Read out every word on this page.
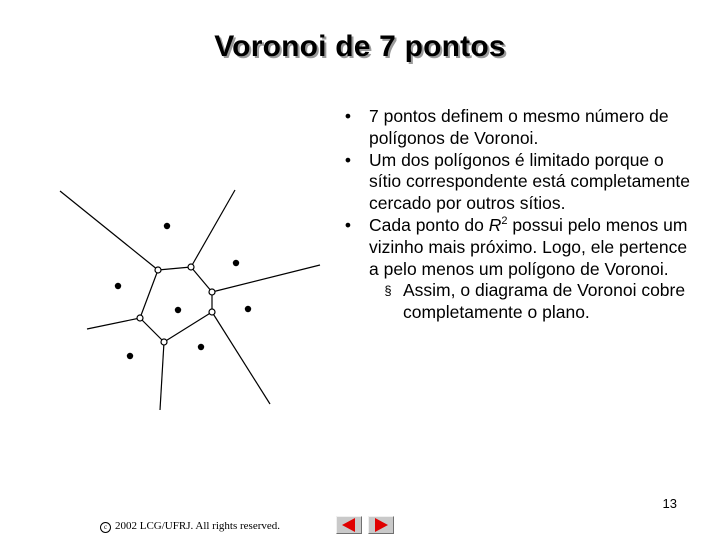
Voronoi de 7 pontos
•	7 pontos definem o mesmo número de polígonos de Voronoi.
•	Um dos polígonos é limitado porque o sítio correspondente está completamente cercado por outros sítios.
•	Cada ponto do $R^2$ possui pelo menos um vizinho mais próximo. Logo, ele pertence a pelo menos um polígono de Voronoi.
§ Assim, o diagrama de Voronoi cobre completamente o plano.
13
c 2002 LCG/UFRJ. All rights reserved.
